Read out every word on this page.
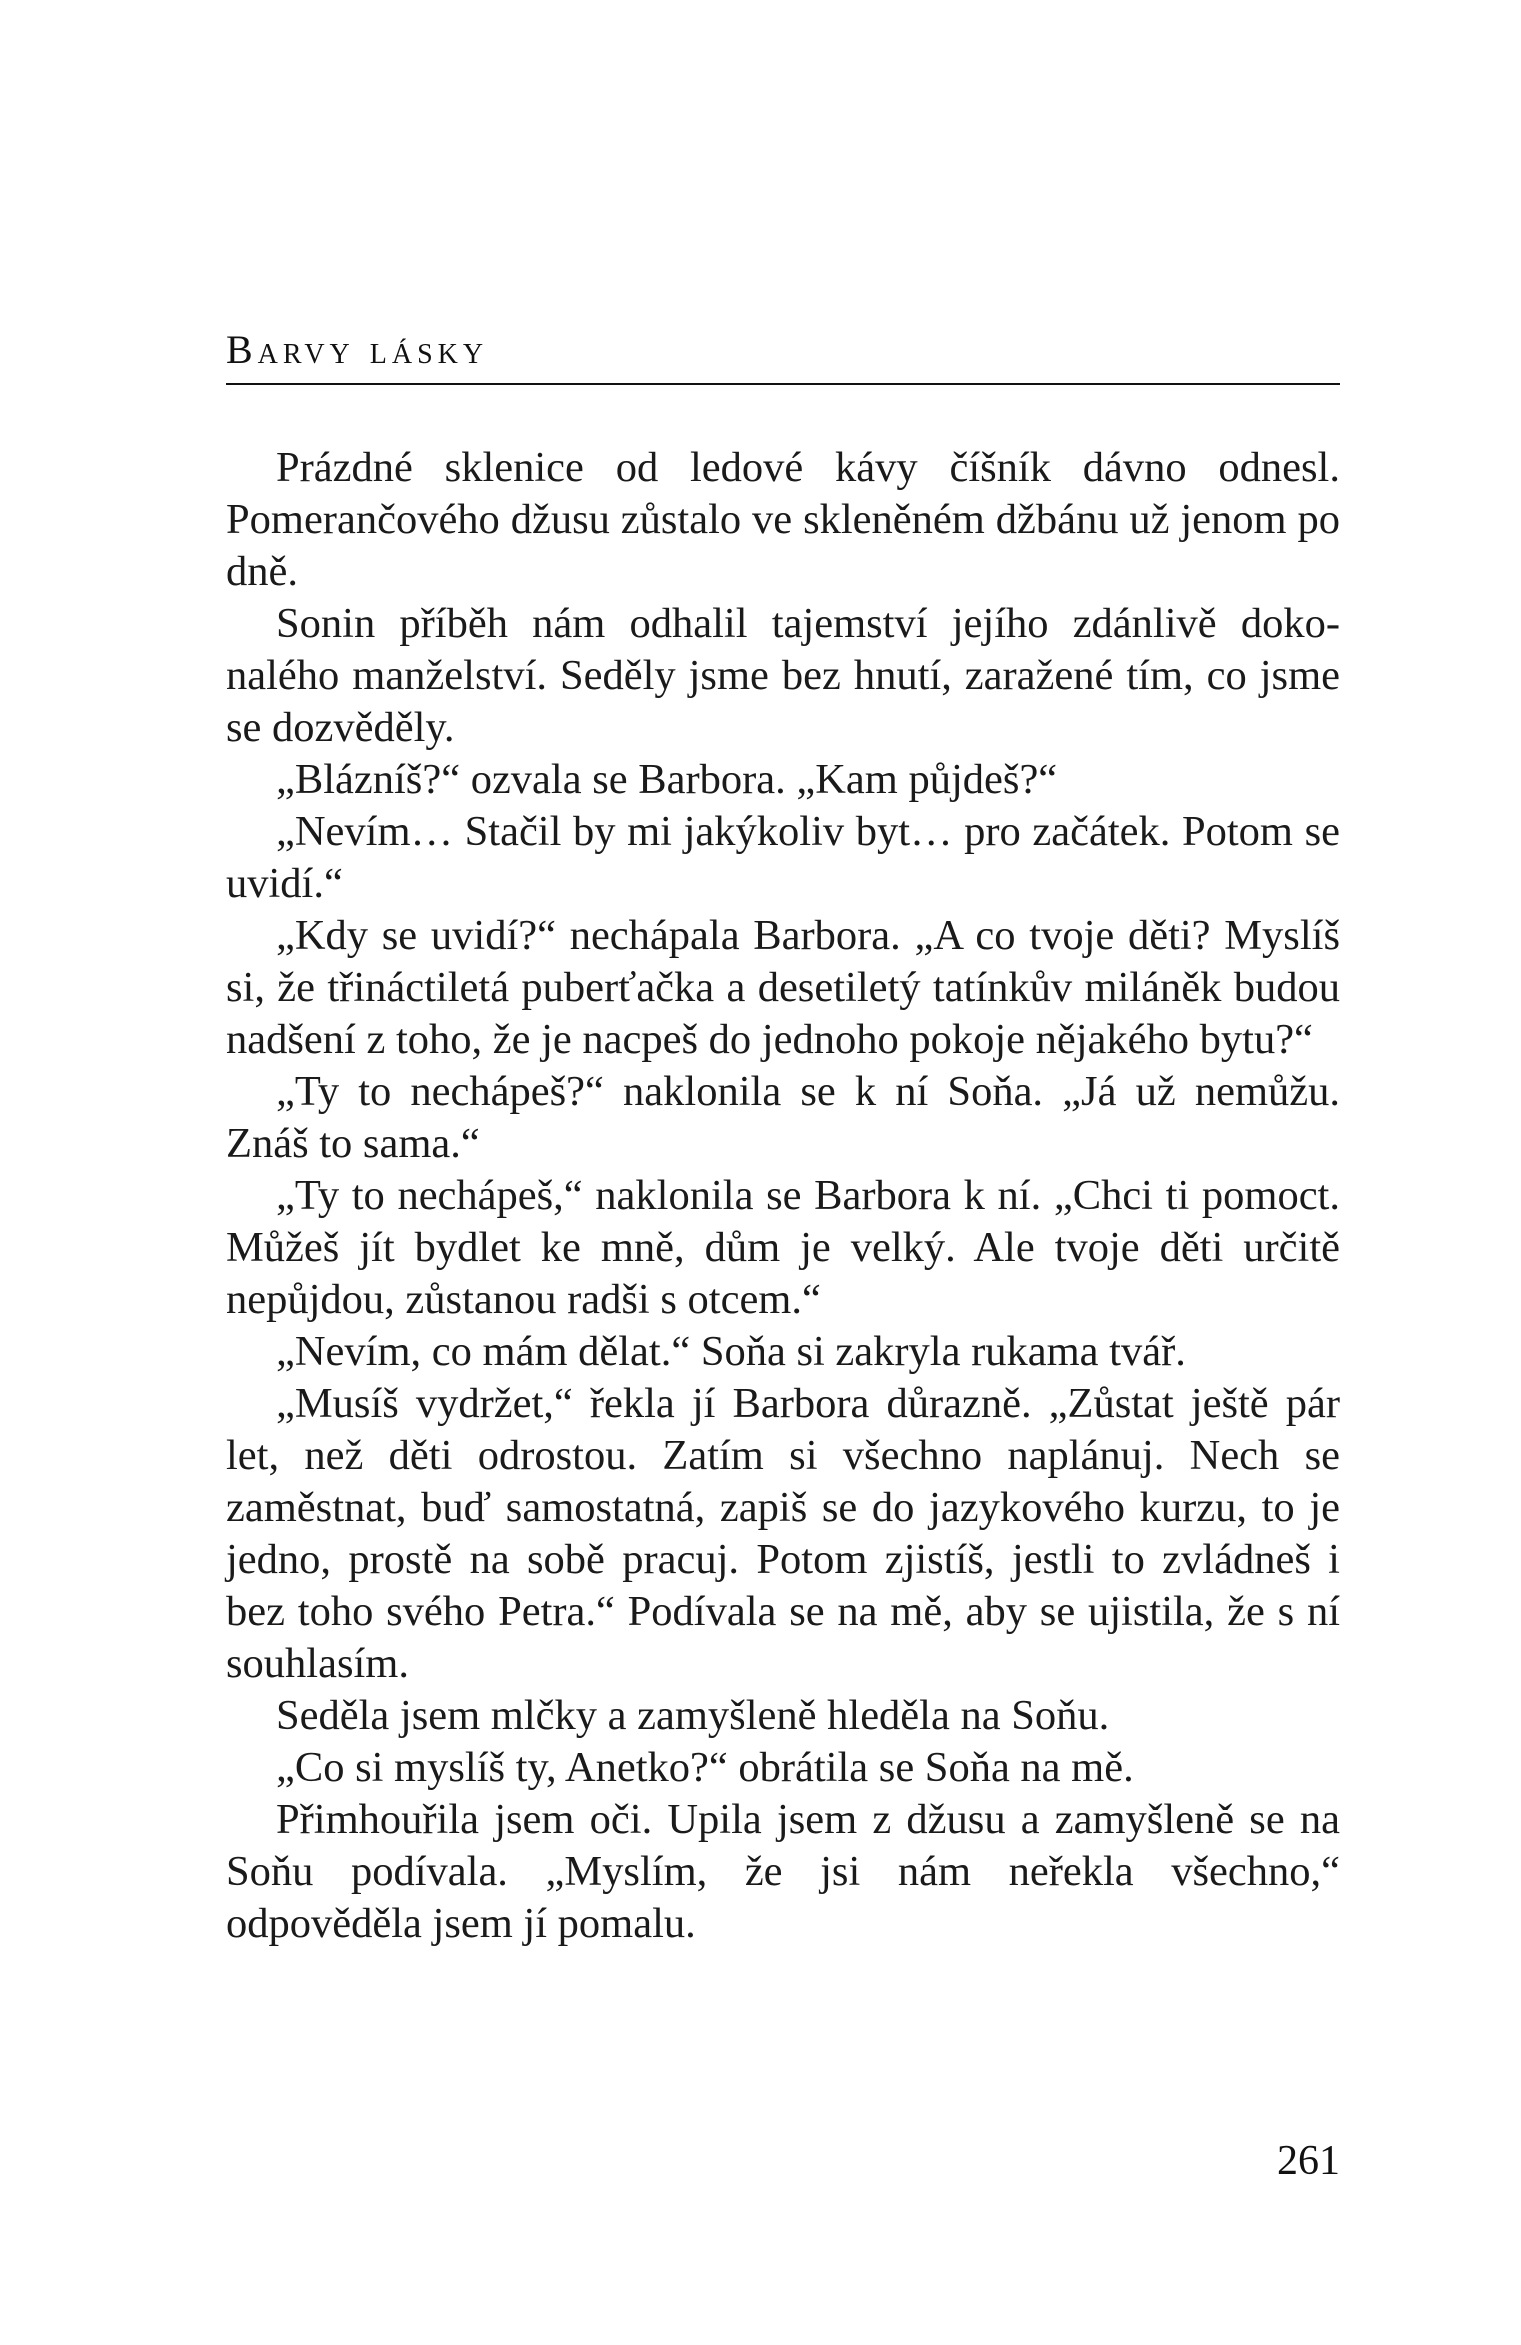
Barvy lásky

Prázdné sklenice od ledové kávy číšník dávno odnesl. Pomerančového džusu zůstalo ve skleněném džbánu už jenom po dně.

Sonin příběh nám odhalil tajemství jejího zdánlivě dokonalého manželství. Seděly jsme bez hnutí, zaražené tím, co jsme se dozvěděly.

„Blázníš?“ ozvala se Barbora. „Kam půjdeš?“

„Nevím… Stačil by mi jakýkoliv byt… pro začátek. Potom se uvidí.“

„Kdy se uvidí?“ nechápala Barbora. „A co tvoje děti? Myslíš si, že třináctiletá puberťačka a desetiletý tatínkův miláněk budou nadšení z toho, že je nacpeš do jednoho pokoje nějakého bytu?“

„Ty to nechápeš?“ naklonila se k ní Soňa. „Já už nemůžu. Znáš to sama.“

„Ty to nechápeš,“ naklonila se Barbora k ní. „Chci ti pomoct. Můžeš jít bydlet ke mně, dům je velký. Ale tvoje děti určitě nepůjdou, zůstanou radši s otcem.“

„Nevím, co mám dělat.“ Soňa si zakryla rukama tvář.

„Musíš vydržet,“ řekla jí Barbora důrazně. „Zůstat ještě pár let, než děti odrostou. Zatím si všechno naplánuj. Nech se zaměstnat, buď samostatná, zapiš se do jazykového kurzu, to je jedno, prostě na sobě pracuj. Potom zjistíš, jestli to zvládneš i bez toho svého Petra.“ Podívala se na mě, aby se ujistila, že s ní souhlasím.

Seděla jsem mlčky a zamyšleně hleděla na Soňu.

„Co si myslíš ty, Anetko?“ obrátila se Soňa na mě.

Přimhouřila jsem oči. Upila jsem z džusu a zamyšleně se na Soňu podívala. „Myslím, že jsi nám neřekla všechno,“ odpověděla jsem jí pomalu.

261
